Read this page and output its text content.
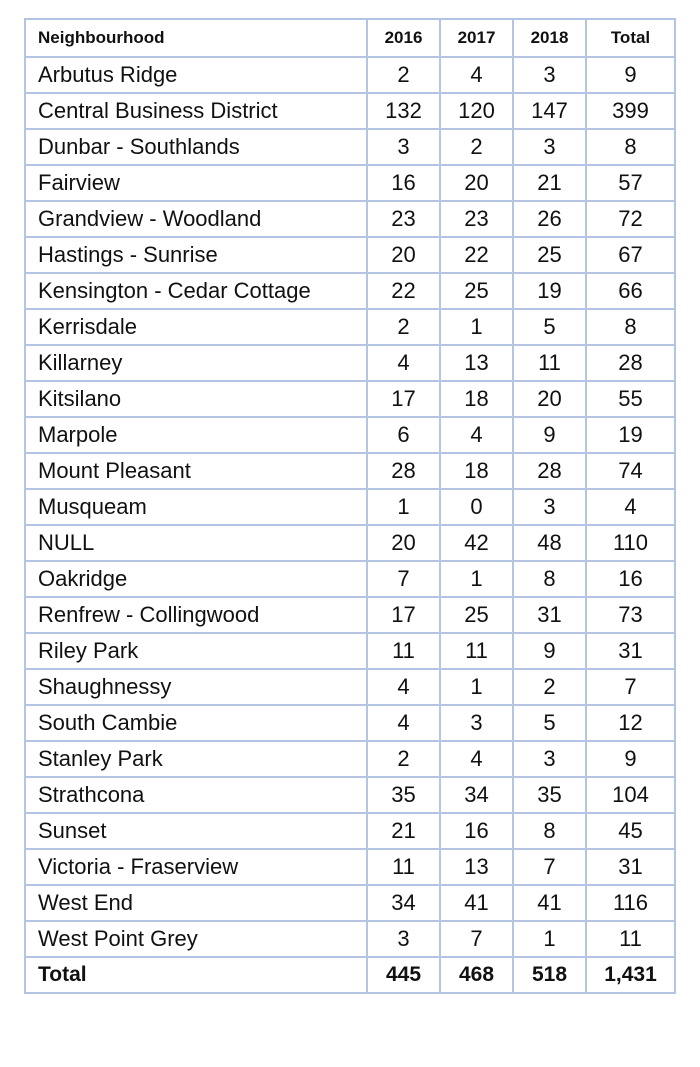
Neighbourhood	2016	2017	2018	Total
Arbutus Ridge	2	4	3	9
Central Business District	132	120	147	399
Dunbar - Southlands	3	2	3	8
Fairview	16	20	21	57
Grandview - Woodland	23	23	26	72
Hastings - Sunrise	20	22	25	67
Kensington - Cedar Cottage	22	25	19	66
Kerrisdale	2	1	5	8
Killarney	4	13	11	28
Kitsilano	17	18	20	55
Marpole	6	4	9	19
Mount Pleasant	28	18	28	74
Musqueam	1	0	3	4
NULL	20	42	48	110
Oakridge	7	1	8	16
Renfrew - Collingwood	17	25	31	73
Riley Park	11	11	9	31
Shaughnessy	4	1	2	7
South Cambie	4	3	5	12
Stanley Park	2	4	3	9
Strathcona	35	34	35	104
Sunset	21	16	8	45
Victoria - Fraserview	11	13	7	31
West End	34	41	41	116
West Point Grey	3	7	1	11
Total	445	468	518	1,431
